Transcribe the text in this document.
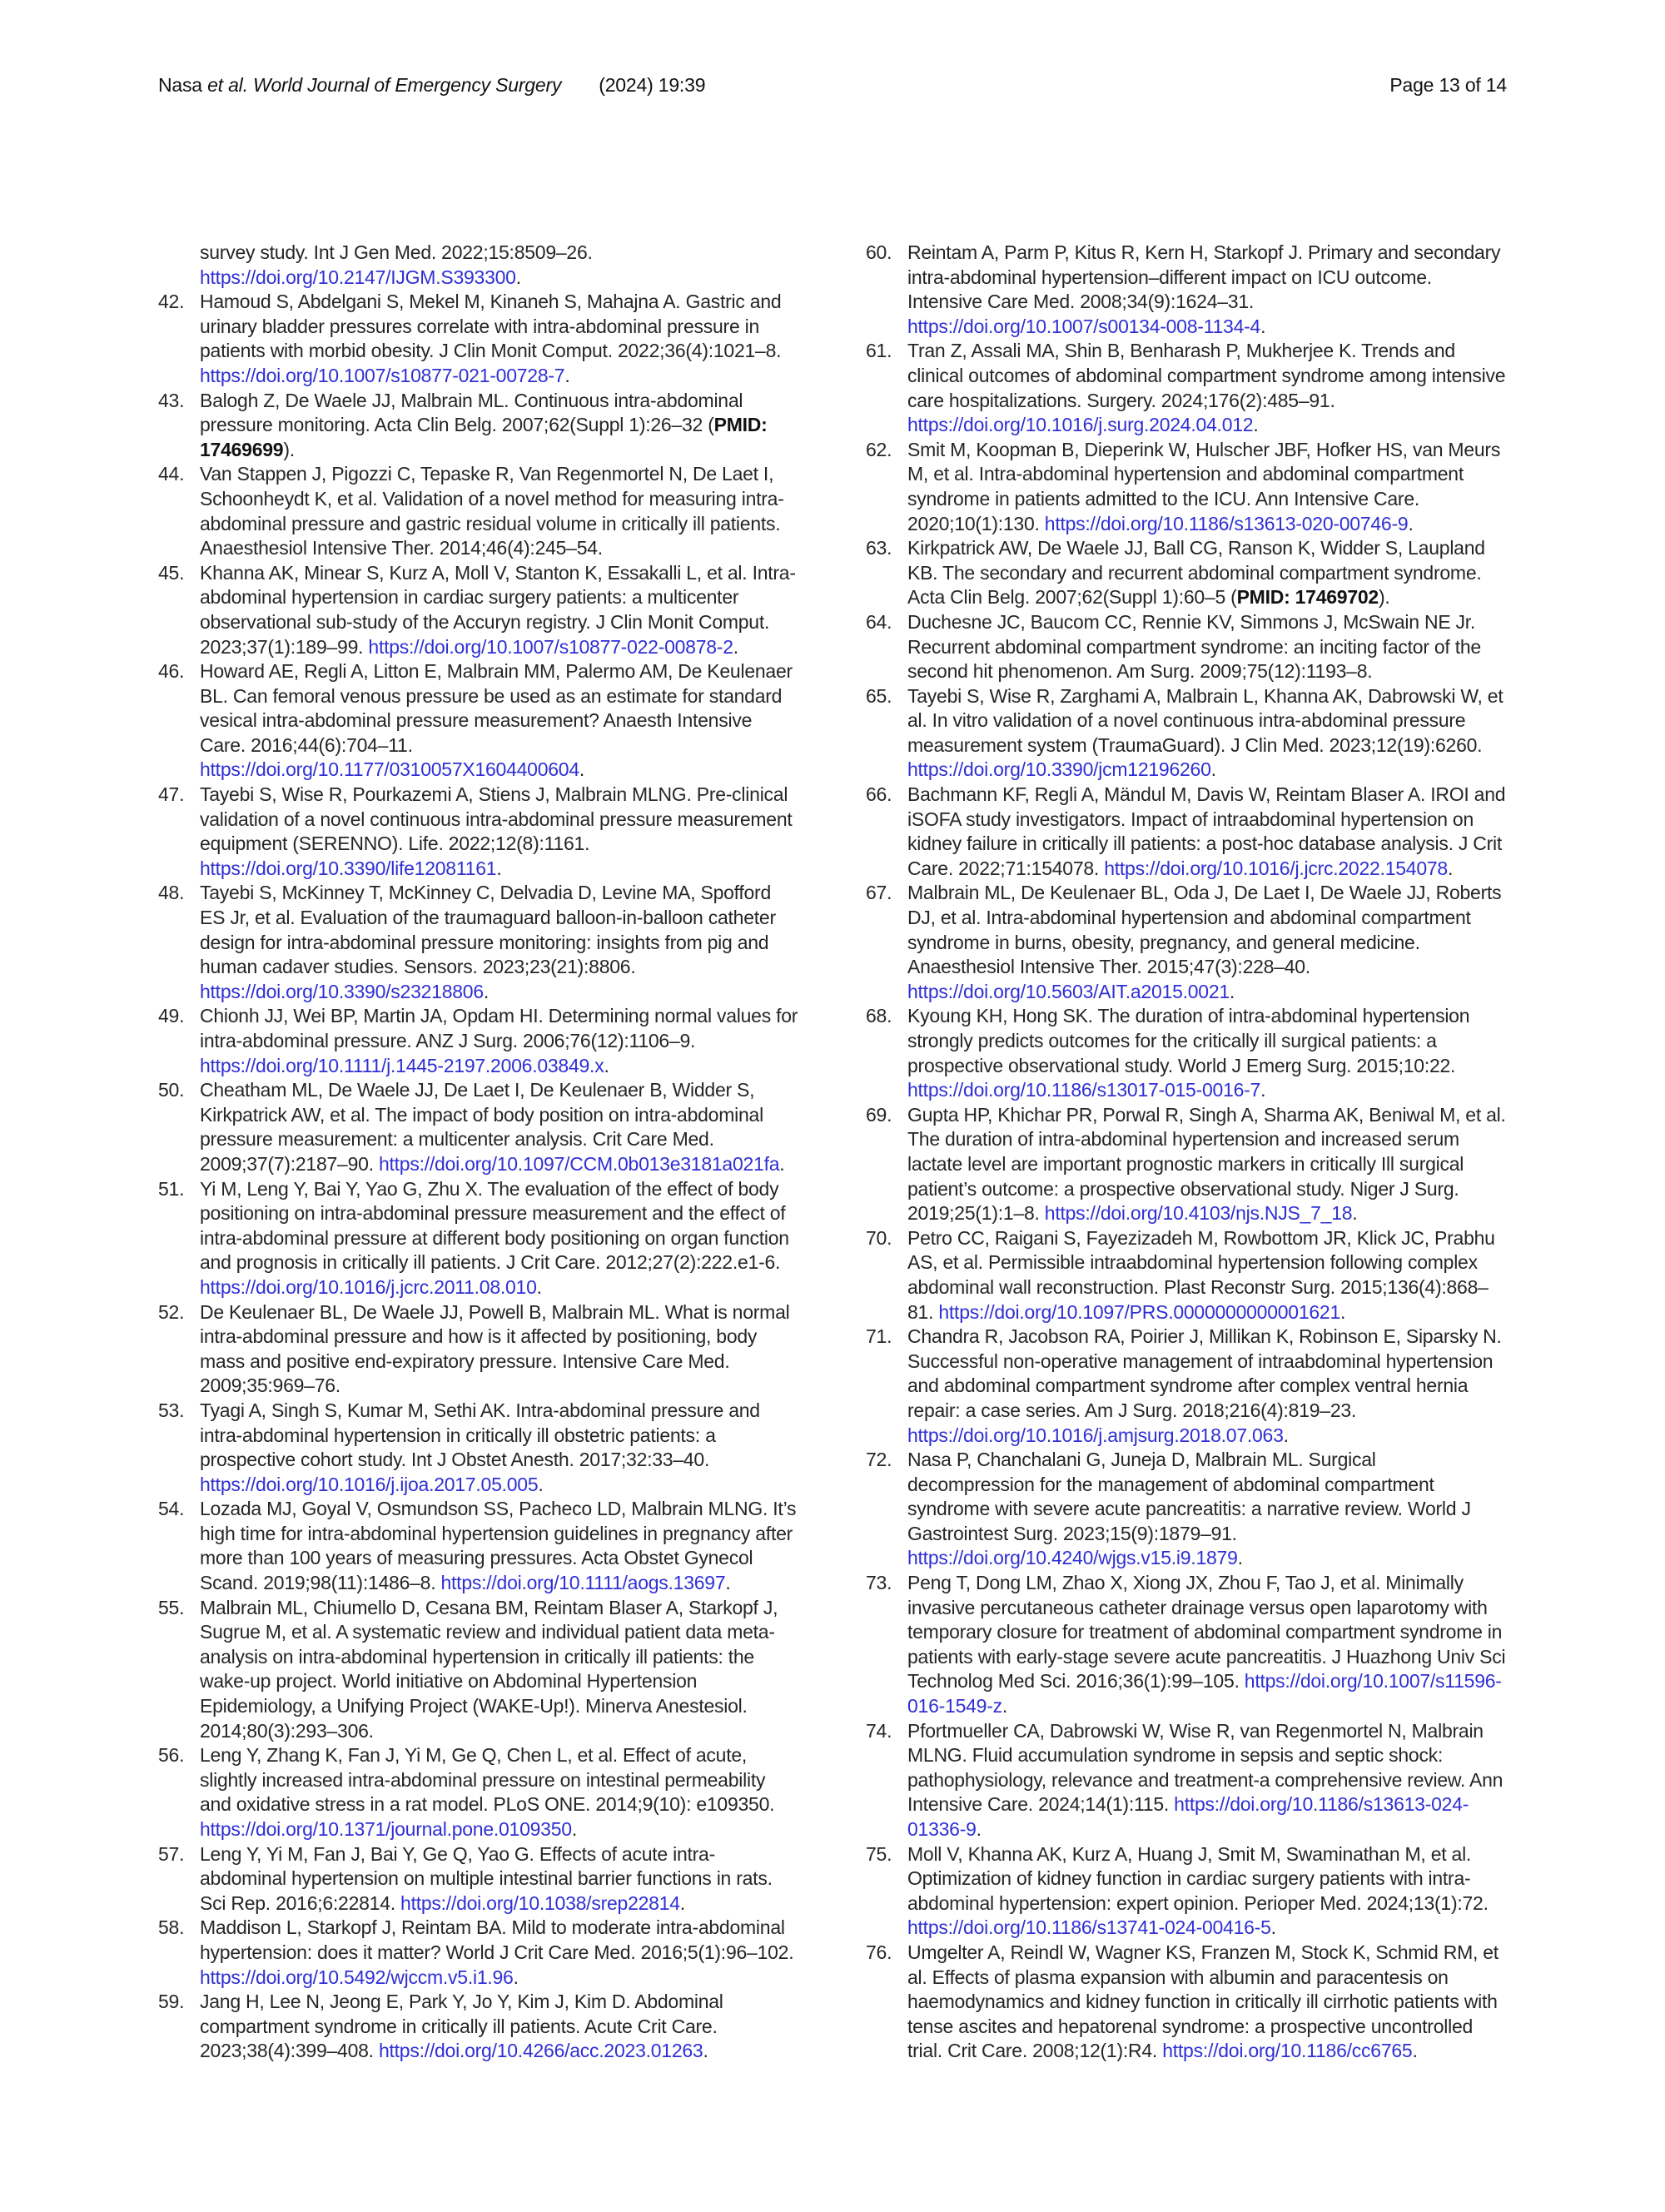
Nasa et al. World Journal of Emergency Surgery (2024) 19:39	Page 13 of 14
survey study. Int J Gen Med. 2022;15:8509–26. https://doi.org/10.2147/IJGM.S393300.
42. Hamoud S, Abdelgani S, Mekel M, Kinaneh S, Mahajna A. Gastric and urinary bladder pressures correlate with intra-abdominal pressure in patients with morbid obesity. J Clin Monit Comput. 2022;36(4):1021–8. https://doi.org/10.1007/s10877-021-00728-7.
43. Balogh Z, De Waele JJ, Malbrain ML. Continuous intra-abdominal pressure monitoring. Acta Clin Belg. 2007;62(Suppl 1):26–32 (PMID: 17469699).
44. Van Stappen J, Pigozzi C, Tepaske R, Van Regenmortel N, De Laet I, Schoonheydt K, et al. Validation of a novel method for measuring intra-abdominal pressure and gastric residual volume in critically ill patients. Anaesthesiol Intensive Ther. 2014;46(4):245–54.
45. Khanna AK, Minear S, Kurz A, Moll V, Stanton K, Essakalli L, et al. Intra-abdominal hypertension in cardiac surgery patients: a multicenter observational sub-study of the Accuryn registry. J Clin Monit Comput. 2023;37(1):189–99. https://doi.org/10.1007/s10877-022-00878-2.
46. Howard AE, Regli A, Litton E, Malbrain MM, Palermo AM, De Keulenaer BL. Can femoral venous pressure be used as an estimate for standard vesical intra-abdominal pressure measurement? Anaesth Intensive Care. 2016;44(6):704–11. https://doi.org/10.1177/0310057X1604400604.
47. Tayebi S, Wise R, Pourkazemi A, Stiens J, Malbrain MLNG. Pre-clinical validation of a novel continuous intra-abdominal pressure measurement equipment (SERENNO). Life. 2022;12(8):1161. https://doi.org/10.3390/life12081161.
48. Tayebi S, McKinney T, McKinney C, Delvadia D, Levine MA, Spofford ES Jr, et al. Evaluation of the traumaguard balloon-in-balloon catheter design for intra-abdominal pressure monitoring: insights from pig and human cadaver studies. Sensors. 2023;23(21):8806. https://doi.org/10.3390/s23218806.
49. Chionh JJ, Wei BP, Martin JA, Opdam HI. Determining normal values for intra-abdominal pressure. ANZ J Surg. 2006;76(12):1106–9. https://doi.org/10.1111/j.1445-2197.2006.03849.x.
50. Cheatham ML, De Waele JJ, De Laet I, De Keulenaer B, Widder S, Kirkpatrick AW, et al. The impact of body position on intra-abdominal pressure measurement: a multicenter analysis. Crit Care Med. 2009;37(7):2187–90. https://doi.org/10.1097/CCM.0b013e3181a021fa.
51. Yi M, Leng Y, Bai Y, Yao G, Zhu X. The evaluation of the effect of body positioning on intra-abdominal pressure measurement and the effect of intra-abdominal pressure at different body positioning on organ function and prognosis in critically ill patients. J Crit Care. 2012;27(2):222.e1-6. https://doi.org/10.1016/j.jcrc.2011.08.010.
52. De Keulenaer BL, De Waele JJ, Powell B, Malbrain ML. What is normal intra-abdominal pressure and how is it affected by positioning, body mass and positive end-expiratory pressure. Intensive Care Med. 2009;35:969–76.
53. Tyagi A, Singh S, Kumar M, Sethi AK. Intra-abdominal pressure and intra-abdominal hypertension in critically ill obstetric patients: a prospective cohort study. Int J Obstet Anesth. 2017;32:33–40. https://doi.org/10.1016/j.ijoa.2017.05.005.
54. Lozada MJ, Goyal V, Osmundson SS, Pacheco LD, Malbrain MLNG. It’s high time for intra-abdominal hypertension guidelines in pregnancy after more than 100 years of measuring pressures. Acta Obstet Gynecol Scand. 2019;98(11):1486–8. https://doi.org/10.1111/aogs.13697.
55. Malbrain ML, Chiumello D, Cesana BM, Reintam Blaser A, Starkopf J, Sugrue M, et al. A systematic review and individual patient data meta-analysis on intra-abdominal hypertension in critically ill patients: the wake-up project. World initiative on Abdominal Hypertension Epidemiology, a Unifying Project (WAKE-Up!). Minerva Anestesiol. 2014;80(3):293–306.
56. Leng Y, Zhang K, Fan J, Yi M, Ge Q, Chen L, et al. Effect of acute, slightly increased intra-abdominal pressure on intestinal permeability and oxidative stress in a rat model. PLoS ONE. 2014;9(10): e109350. https://doi.org/10.1371/journal.pone.0109350.
57. Leng Y, Yi M, Fan J, Bai Y, Ge Q, Yao G. Effects of acute intra-abdominal hypertension on multiple intestinal barrier functions in rats. Sci Rep. 2016;6:22814. https://doi.org/10.1038/srep22814.
58. Maddison L, Starkopf J, Reintam BA. Mild to moderate intra-abdominal hypertension: does it matter? World J Crit Care Med. 2016;5(1):96–102. https://doi.org/10.5492/wjccm.v5.i1.96.
59. Jang H, Lee N, Jeong E, Park Y, Jo Y, Kim J, Kim D. Abdominal compartment syndrome in critically ill patients. Acute Crit Care. 2023;38(4):399–408. https://doi.org/10.4266/acc.2023.01263.
60. Reintam A, Parm P, Kitus R, Kern H, Starkopf J. Primary and secondary intra-abdominal hypertension–different impact on ICU outcome. Intensive Care Med. 2008;34(9):1624–31. https://doi.org/10.1007/s00134-008-1134-4.
61. Tran Z, Assali MA, Shin B, Benharash P, Mukherjee K. Trends and clinical outcomes of abdominal compartment syndrome among intensive care hospitalizations. Surgery. 2024;176(2):485–91. https://doi.org/10.1016/j.surg.2024.04.012.
62. Smit M, Koopman B, Dieperink W, Hulscher JBF, Hofker HS, van Meurs M, et al. Intra-abdominal hypertension and abdominal compartment syndrome in patients admitted to the ICU. Ann Intensive Care. 2020;10(1):130. https://doi.org/10.1186/s13613-020-00746-9.
63. Kirkpatrick AW, De Waele JJ, Ball CG, Ranson K, Widder S, Laupland KB. The secondary and recurrent abdominal compartment syndrome. Acta Clin Belg. 2007;62(Suppl 1):60–5 (PMID: 17469702).
64. Duchesne JC, Baucom CC, Rennie KV, Simmons J, McSwain NE Jr. Recurrent abdominal compartment syndrome: an inciting factor of the second hit phenomenon. Am Surg. 2009;75(12):1193–8.
65. Tayebi S, Wise R, Zarghami A, Malbrain L, Khanna AK, Dabrowski W, et al. In vitro validation of a novel continuous intra-abdominal pressure measurement system (TraumaGuard). J Clin Med. 2023;12(19):6260. https://doi.org/10.3390/jcm12196260.
66. Bachmann KF, Regli A, Mändul M, Davis W, Reintam Blaser A. IROI and iSOFA study investigators. Impact of intraabdominal hypertension on kidney failure in critically ill patients: a post-hoc database analysis. J Crit Care. 2022;71:154078. https://doi.org/10.1016/j.jcrc.2022.154078.
67. Malbrain ML, De Keulenaer BL, Oda J, De Laet I, De Waele JJ, Roberts DJ, et al. Intra-abdominal hypertension and abdominal compartment syndrome in burns, obesity, pregnancy, and general medicine. Anaesthesiol Intensive Ther. 2015;47(3):228–40. https://doi.org/10.5603/AIT.a2015.0021.
68. Kyoung KH, Hong SK. The duration of intra-abdominal hypertension strongly predicts outcomes for the critically ill surgical patients: a prospective observational study. World J Emerg Surg. 2015;10:22. https://doi.org/10.1186/s13017-015-0016-7.
69. Gupta HP, Khichar PR, Porwal R, Singh A, Sharma AK, Beniwal M, et al. The duration of intra-abdominal hypertension and increased serum lactate level are important prognostic markers in critically Ill surgical patient’s outcome: a prospective observational study. Niger J Surg. 2019;25(1):1–8. https://doi.org/10.4103/njs.NJS_7_18.
70. Petro CC, Raigani S, Fayezizadeh M, Rowbottom JR, Klick JC, Prabhu AS, et al. Permissible intraabdominal hypertension following complex abdominal wall reconstruction. Plast Reconstr Surg. 2015;136(4):868–81. https://doi.org/10.1097/PRS.0000000000001621.
71. Chandra R, Jacobson RA, Poirier J, Millikan K, Robinson E, Siparsky N. Successful non-operative management of intraabdominal hypertension and abdominal compartment syndrome after complex ventral hernia repair: a case series. Am J Surg. 2018;216(4):819–23. https://doi.org/10.1016/j.amjsurg.2018.07.063.
72. Nasa P, Chanchalani G, Juneja D, Malbrain ML. Surgical decompression for the management of abdominal compartment syndrome with severe acute pancreatitis: a narrative review. World J Gastrointest Surg. 2023;15(9):1879–91. https://doi.org/10.4240/wjgs.v15.i9.1879.
73. Peng T, Dong LM, Zhao X, Xiong JX, Zhou F, Tao J, et al. Minimally invasive percutaneous catheter drainage versus open laparotomy with temporary closure for treatment of abdominal compartment syndrome in patients with early-stage severe acute pancreatitis. J Huazhong Univ Sci Technolog Med Sci. 2016;36(1):99–105. https://doi.org/10.1007/s11596-016-1549-z.
74. Pfortmueller CA, Dabrowski W, Wise R, van Regenmortel N, Malbrain MLNG. Fluid accumulation syndrome in sepsis and septic shock: pathophysiology, relevance and treatment-a comprehensive review. Ann Intensive Care. 2024;14(1):115. https://doi.org/10.1186/s13613-024-01336-9.
75. Moll V, Khanna AK, Kurz A, Huang J, Smit M, Swaminathan M, et al. Optimization of kidney function in cardiac surgery patients with intra-abdominal hypertension: expert opinion. Perioper Med. 2024;13(1):72. https://doi.org/10.1186/s13741-024-00416-5.
76. Umgelter A, Reindl W, Wagner KS, Franzen M, Stock K, Schmid RM, et al. Effects of plasma expansion with albumin and paracentesis on haemodynamics and kidney function in critically ill cirrhotic patients with tense ascites and hepatorenal syndrome: a prospective uncontrolled trial. Crit Care. 2008;12(1):R4. https://doi.org/10.1186/cc6765.
